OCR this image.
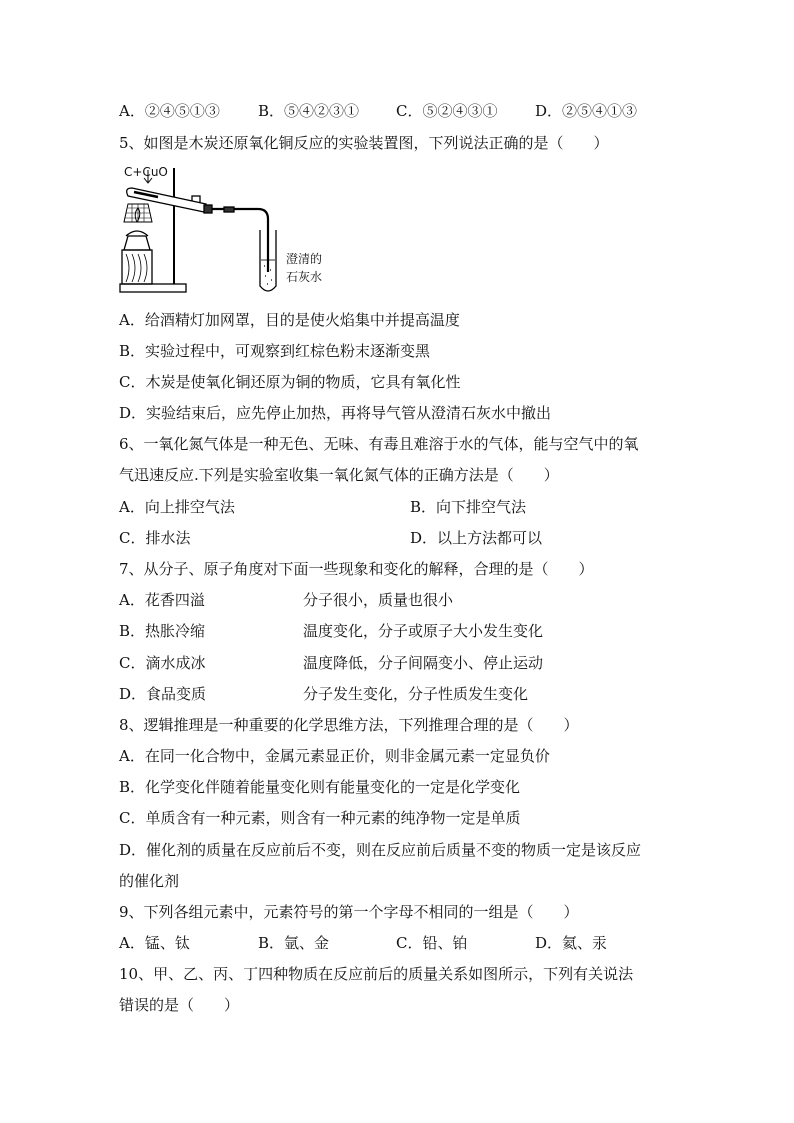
A．②④⑤①③	B．⑤④②③① C．⑤②④③①	D．②⑤④①③
5、如图是木炭还原氧化铜反应的实验装置图，下列说法正确的是（　　）
C+CuO
澄清的
石灰水
A．给酒精灯加网罩，目的是使火焰集中并提高温度
B．实验过程中，可观察到红棕色粉末逐渐变黑
C．木炭是使氧化铜还原为铜的物质，它具有氧化性
D．实验结束后，应先停止加热，再将导气管从澄清石灰水中撤出
6、一氧化氮气体是一种无色、无味、有毒且难溶于水的气体，能与空气中的氧
气迅速反应.下列是实验室收集一氧化氮气体的正确方法是（　　）
A．向上排空气法	B．向下排空气法
C．排水法	D．以上方法都可以
7、从分子、原子角度对下面一些现象和变化的解释，合理的是（　　）
A．花香四溢	分子很小，质量也很小
B．热胀冷缩	温度变化，分子或原子大小发生变化
C．滴水成冰	温度降低，分子间隔变小、停止运动
D．食品变质	分子发生变化，分子性质发生变化
8、逻辑推理是一种重要的化学思维方法，下列推理合理的是（　　）
A．在同一化合物中，金属元素显正价，则非金属元素一定显负价
B．化学变化伴随着能量变化则有能量变化的一定是化学变化
C．单质含有一种元素，则含有一种元素的纯净物一定是单质
D．催化剂的质量在反应前后不变，则在反应前后质量不变的物质一定是该反应
的催化剂
9、下列各组元素中，元素符号的第一个字母不相同的一组是（　　）
A．锰、钛	B．氩、金	C．铅、铂	D．氦、汞
10、甲、乙、丙、丁四种物质在反应前后的质量关系如图所示，下列有关说法
错误的是（　　）
